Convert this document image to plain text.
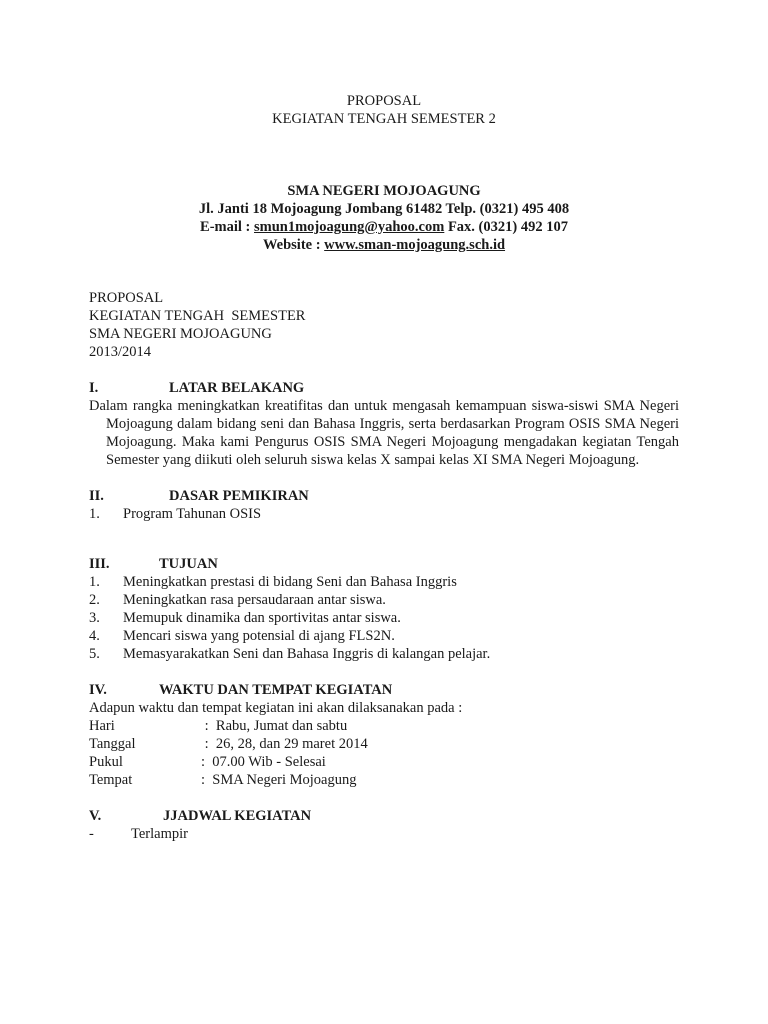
PROPOSAL
KEGIATAN TENGAH SEMESTER 2
SMA NEGERI MOJOAGUNG
Jl. Janti 18 Mojoagung Jombang 61482 Telp. (0321) 495 408
E-mail : smun1mojoagung@yahoo.com Fax. (0321) 492 107
Website : www.sman-mojoagung.sch.id
PROPOSAL
KEGIATAN TENGAH  SEMESTER
SMA NEGERI MOJOAGUNG
2013/2014
I.	LATAR BELAKANG
Dalam rangka meningkatkan kreatifitas dan untuk mengasah kemampuan siswa-siswi SMA Negeri Mojoagung dalam bidang seni dan Bahasa Inggris, serta berdasarkan Program OSIS SMA Negeri Mojoagung. Maka kami Pengurus OSIS SMA Negeri Mojoagung mengadakan kegiatan Tengah Semester yang diikuti oleh seluruh siswa kelas X sampai kelas XI SMA Negeri Mojoagung.
II.	DASAR PEMIKIRAN
1.	Program Tahunan OSIS
III.	TUJUAN
1.	Meningkatkan prestasi di bidang Seni dan Bahasa Inggris
2.	Meningkatkan rasa persaudaraan antar siswa.
3.	Memupuk dinamika dan sportivitas antar siswa.
4.	Mencari siswa yang potensial di ajang FLS2N.
5.	Memasyarakatkan Seni dan Bahasa Inggris di kalangan pelajar.
IV.	WAKTU DAN TEMPAT KEGIATAN
Adapun waktu dan tempat kegiatan ini akan dilaksanakan pada :
Hari	:  Rabu, Jumat dan sabtu
Tanggal	:  26, 28, dan 29 maret 2014
Pukul	:  07.00 Wib - Selesai
Tempat	:  SMA Negeri Mojoagung
V.	JJADWAL KEGIATAN
-	Terlampir
